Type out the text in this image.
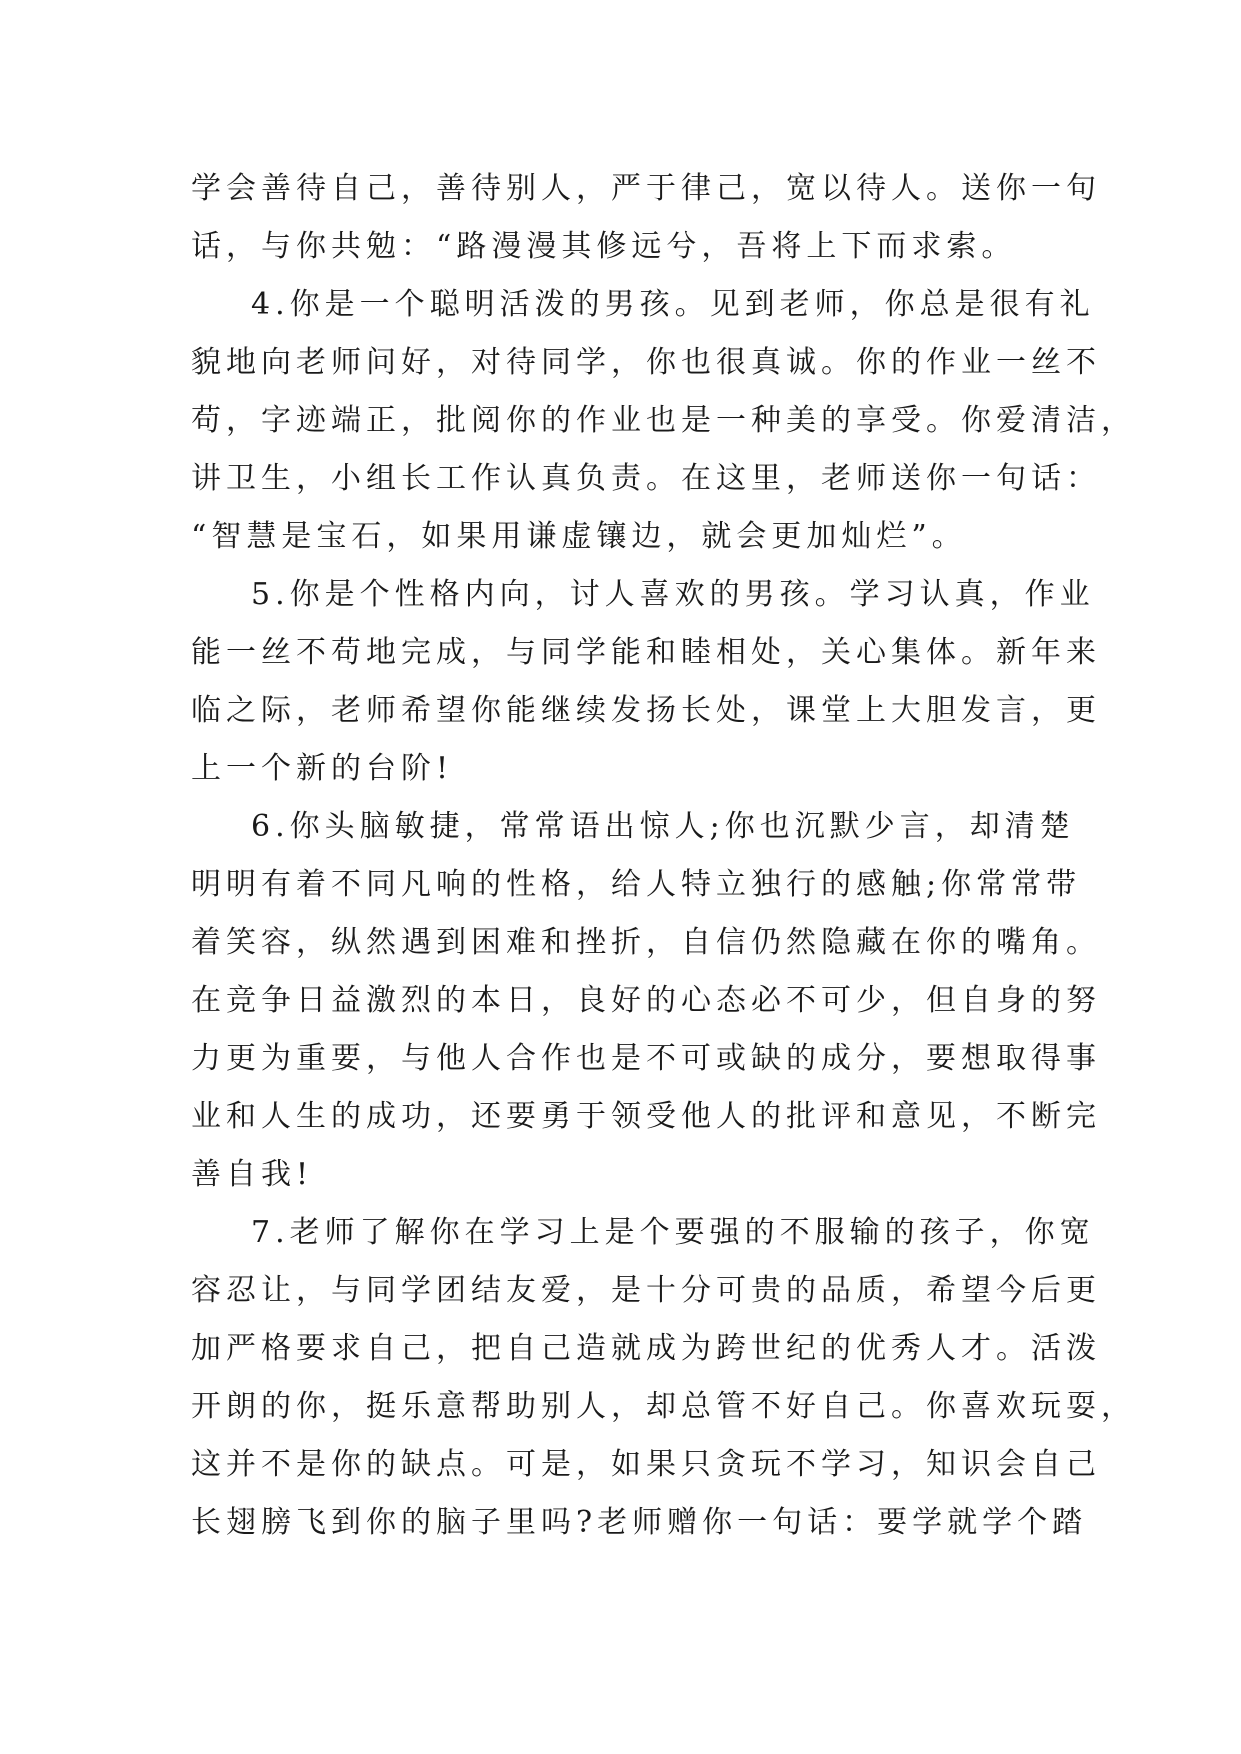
学会善待自己，善待别人，严于律己，宽以待人。送你一句
话，与你共勉：“路漫漫其修远兮，吾将上下而求索。
4.你是一个聪明活泼的男孩。见到老师，你总是很有礼
貌地向老师问好，对待同学，你也很真诚。你的作业一丝不
苟，字迹端正，批阅你的作业也是一种美的享受。你爱清洁，
讲卫生，小组长工作认真负责。在这里，老师送你一句话：
“智慧是宝石，如果用谦虚镶边，就会更加灿烂”。
5.你是个性格内向，讨人喜欢的男孩。学习认真，作业
能一丝不苟地完成，与同学能和睦相处，关心集体。新年来
临之际，老师希望你能继续发扬长处，课堂上大胆发言，更
上一个新的台阶!
6.你头脑敏捷，常常语出惊人;你也沉默少言，却清楚
明明有着不同凡响的性格，给人特立独行的感触;你常常带
着笑容，纵然遇到困难和挫折，自信仍然隐藏在你的嘴角。
在竞争日益激烈的本日，良好的心态必不可少，但自身的努
力更为重要，与他人合作也是不可或缺的成分，要想取得事
业和人生的成功，还要勇于领受他人的批评和意见，不断完
善自我!
7.老师了解你在学习上是个要强的不服输的孩子，你宽
容忍让，与同学团结友爱，是十分可贵的品质，希望今后更
加严格要求自己，把自己造就成为跨世纪的优秀人才。活泼
开朗的你，挺乐意帮助别人，却总管不好自己。你喜欢玩耍，
这并不是你的缺点。可是，如果只贪玩不学习，知识会自己
长翅膀飞到你的脑子里吗?老师赠你一句话：要学就学个踏
